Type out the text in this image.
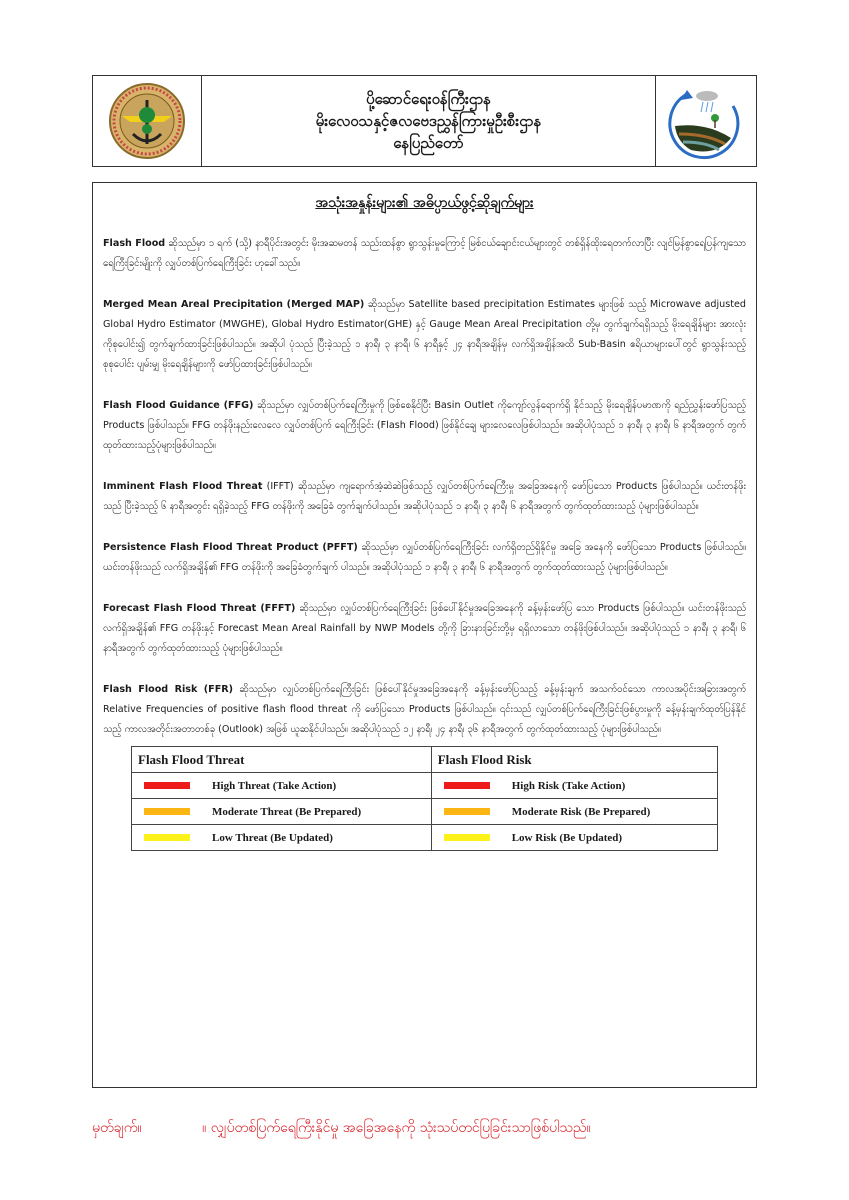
ပို့ဆောင်ရေးဝန်ကြီးဌာန
မိုးလေဝသနှင့်ဇလဗေဒညွှန်ကြားမှုဦးစီးဌာန
နေပြည်တော်
အသုံးအနှုန်းများ၏ အဓိပ္ပာယ်ဖွင့်ဆိုချက်များ

Flash Flood ဆိုသည်မှာ ၁ ရက် (သို့) နာရီပိုင်းအတွင်း မိုးအဆမတန် သည်းထန်စွာ ရွာသွန်းမှုကြောင့် မြစ်ငယ်ချောင်းငယ်များတွင် တစ်ရှိန်ထိုးရေတက်လာပြီး လျင်မြန်စွာရေပြန်ကျသော ရေကြီးခြင်းမျိုးကို လျှပ်တစ်ပြက်ရေကြီးခြင်း ဟုခေါ်သည်။

Merged Mean Areal Precipitation (Merged MAP) ဆိုသည်မှာ Satellite based precipitation Estimates များဖြစ် သည့် Microwave adjusted Global Hydro Estimator (MWGHE), Global Hydro Estimator(GHE) နှင့် Gauge Mean Areal Precipitation တို့မှ တွက်ချက်ရရှိသည့် မိုးရေချိန်များ အားလုံးကိုစုပေါင်း၍ တွက်ချက်ထားခြင်းဖြစ်ပါသည်။ အဆိုပါ ပုံသည် ပြီးခဲ့သည့် ၁ နာရီ၊ ၃ နာရီ၊ ၆ နာရီနှင့် ၂၄ နာရီအချိန်မှ လက်ရှိအချိန်အထိ Sub-Basin ဧရိယာများပေါ်တွင် ရွာသွန်းသည့် စုစုပေါင်း ပျမ်းမျှ မိုးရေချိန်များကို ဖော်ပြထားခြင်းဖြစ်ပါသည်။

Flash Flood Guidance (FFG) ဆိုသည်မှာ လျှပ်တစ်ပြက်ရေကြီးမှုကို ဖြစ်စေနိုင်ပြီး Basin Outlet ကိုကျော်လွန်ရောက်ရှိ နိုင်သည့် မိုးရေချိန်ပမာဏကို ရည်ညွှန်းဖော်ပြသည့် Products ဖြစ်ပါသည်။ FFG တန်ဖိုးနည်းလေလေ လျှပ်တစ်ပြက် ရေကြီးခြင်း (Flash Flood) ဖြစ်နိုင်ချေ များလေလေဖြစ်ပါသည်။ အဆိုပါပုံသည် ၁ နာရီ၊ ၃ နာရီ၊ ၆ နာရီအတွက် တွက် ထုတ်ထားသည့်ပုံများဖြစ်ပါသည်။

Imminent Flash Flood Threat (IFFT) ဆိုသည်မှာ ကျရောက်အံ့ဆဲဆဲဖြစ်သည့် လျှပ်တစ်ပြက်ရေကြီးမှု အခြေအနေကို ဖော်ပြသော Products ဖြစ်ပါသည်။ ယင်းတန်ဖိုးသည် ပြီးခဲ့သည့် ၆ နာရီအတွင်း ရရှိခဲ့သည့် FFG တန်ဖိုးကို အခြေခံ တွက်ချက်ပါသည်။ အဆိုပါပုံသည် ၁ နာရီ၊ ၃ နာရီ၊ ၆ နာရီအတွက် တွက်ထုတ်ထားသည့် ပုံများဖြစ်ပါသည်။

Persistence Flash Flood Threat Product (PFFT) ဆိုသည်မှာ လျှပ်တစ်ပြက်ရေကြီးခြင်း လက်ရှိတည်ရှိနိုင်မှု အခြေ အနေကို ဖော်ပြသော Products ဖြစ်ပါသည်။ ယင်းတန်ဖိုးသည် လက်ရှိအချိန်၏ FFG တန်ဖိုးကို အခြေခံတွက်ချက် ပါသည်။ အဆိုပါပုံသည် ၁ နာရီ၊ ၃ နာရီ၊ ၆ နာရီအတွက် တွက်ထုတ်ထားသည့် ပုံများဖြစ်ပါသည်။

Forecast Flash Flood Threat (FFFT) ဆိုသည်မှာ လျှပ်တစ်ပြက်ရေကြီးခြင်း ဖြစ်ပေါ်နိုင်မှုအခြေအနေကို ခန့်မှန်းဖော်ပြ သော Products ဖြစ်ပါသည်။ ယင်းတန်ဖိုးသည် လက်ရှိအချိန်၏ FFG တန်ဖိုးနှင့် Forecast Mean Areal Rainfall by NWP Models တို့ကို ခြားနားခြင်းတို့မှ ရရှိလာသော တန်ဖိုးဖြစ်ပါသည်။ အဆိုပါပုံသည် ၁ နာရီ၊ ၃ နာရီ၊ ၆ နာရီအတွက် တွက်ထုတ်ထားသည့် ပုံများဖြစ်ပါသည်။

Flash Flood Risk (FFR) ဆိုသည်မှာ လျှပ်တစ်ပြက်ရေကြီးခြင်း ဖြစ်ပေါ်နိုင်မှုအခြေအနေကို ခန့်မှန်းဖော်ပြသည့် ခန့်မှန်းချက် အသက်ဝင်သော ကာလအပိုင်းအခြားအတွက် Relative Frequencies of positive flash flood threat ကို ဖော်ပြသော Products ဖြစ်ပါသည်။ ၎င်းသည် လျှပ်တစ်ပြက်ရေကြီးခြင်းဖြစ်ပွားမှုကို ခန့်မှန်းချက်ထုတ်ပြန်နိုင်သည့် ကာလအတိုင်းအတာတစ်ခု (Outlook) အဖြစ် ယူဆနိုင်ပါသည်။ အဆိုပါပုံသည် ၁၂ နာရီ၊ ၂၄ နာရီ၊ ၃၆ နာရီအတွက် တွက်ထုတ်ထားသည့် ပုံများဖြစ်ပါသည်။

Flash Flood Threat	Flash Flood Risk
High Threat (Take Action)	High Risk (Take Action)
Moderate Threat (Be Prepared)	Moderate Risk (Be Prepared)
Low Threat (Be Updated)	Low Risk (Be Updated)
မှတ်ချက်။	။ လျှပ်တစ်ပြက်ရေကြီးနိုင်မှု အခြေအနေကို သုံးသပ်တင်ပြခြင်းသာဖြစ်ပါသည်။
